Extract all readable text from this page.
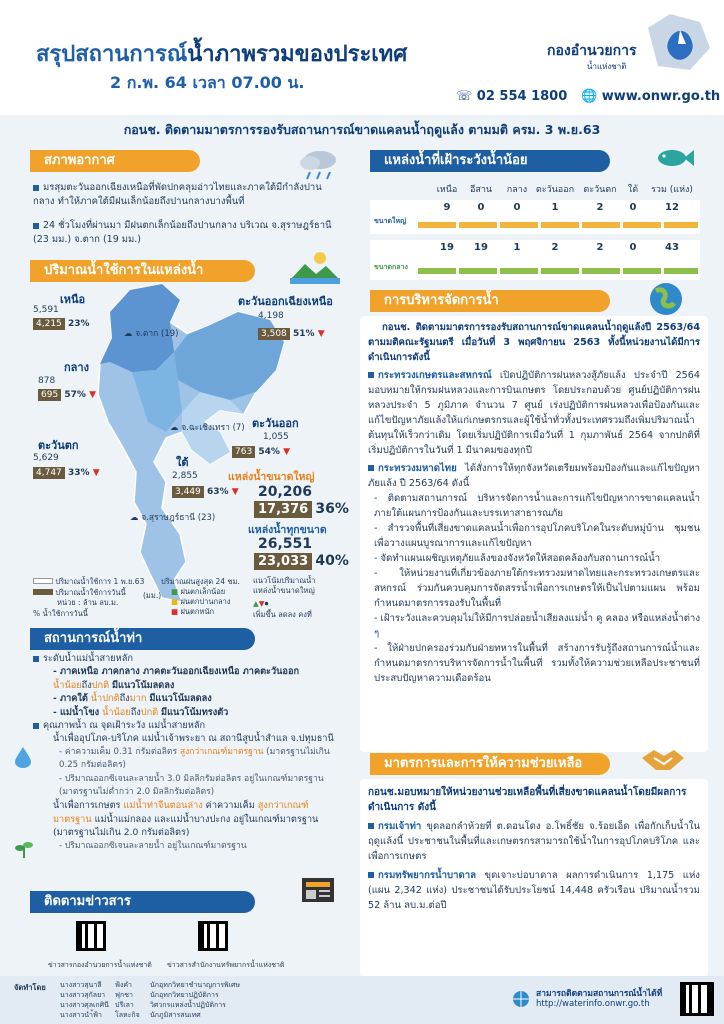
สรุปสถานการณ์น้ำภาพรวมของประเทศ
2 ก.พ. 64 เวลา 07.00 น.
กองอำนวยการ
น้ำแห่งชาติ
☏ 02 554 1800 🌐 www.onwr.go.th
กอนช. ติดตามมาตรการรองรับสถานการณ์ขาดแคลนน้ำฤดูแล้ง ตามมติ ครม. 3 พ.ย.63
สภาพอากาศ
มรสุมตะวันออกเฉียงเหนือที่พัดปกคลุมอ่าวไทยและภาคใต้มีกำลังปานกลาง ทำให้ภาคใต้มีฝนเล็กน้อยถึงปานกลางบางพื้นที่
24 ชั่วโมงที่ผ่านมา มีฝนตกเล็กน้อยถึงปานกลาง บริเวณ จ.สุราษฎร์ธานี (23 มม.) จ.ตาก (19 มม.)
ปริมาณน้ำใช้การในแหล่งน้ำ
เหนือ
5,591
4,215 23%
ตะวันออกเฉียงเหนือ
4,198
3,508 51% ▼
กลาง
878
695 57% ▼
ตะวันออก
1,055
763 54% ▼
ตะวันตก
5,629
4,747 33% ▼
ใต้
2,855
3,449 63% ▼
☁ จ.ตาก (19)
☁ จ.ฉะเชิงเทรา (7)
☁ จ.สุราษฎร์ธานี (23)
แหล่งน้ำขนาดใหญ่
20,206
17,376 36%
แหล่งน้ำทุกขนาด
26,551
23,033 40%
ปริมาณน้ำใช้การ 1 พ.ย.63
ปริมาณน้ำใช้การวันนี้
หน่วย : ล้าน ลบ.ม.
% น้ำใช้การวันนี้
ปริมาณฝนสูงสุด 24 ชม.
(มม.) ■ ฝนตกเล็กน้อย
■ ฝนตกปานกลาง
■ ฝนตกหนัก
แนวโน้มปริมาณน้ำ แหล่งน้ำขนาดใหญ่
▲▼⏺
เพิ่มขึ้น ลดลง คงที่
สถานการณ์น้ำท่า
ระดับน้ำแม่น้ำสายหลัก
- ภาคเหนือ ภาคกลาง ภาคตะวันออกเฉียงเหนือ ภาคตะวันออก
น้ำน้อยถึงปกติ มีแนวโน้มลดลง
- ภาคใต้ น้ำปกติถึงมาก มีแนวโน้มลดลง
- แม่น้ำโขง น้ำน้อยถึงปกติ มีแนวโน้มทรงตัว
คุณภาพน้ำ ณ จุดเฝ้าระวัง แม่น้ำสายหลัก
น้ำเพื่ออุปโภค-บริโภค แม่น้ำเจ้าพระยา ณ สถานีสูบน้ำสำแล จ.ปทุมธานี
- ค่าความเค็ม 0.31 กรัมต่อลิตร สูงกว่าเกณฑ์มาตรฐาน (มาตรฐานไม่เกิน 0.25 กรัมต่อลิตร)
- ปริมาณออกซิเจนละลายน้ำ 3.0 มิลลิกรัมต่อลิตร อยู่ในเกณฑ์มาตรฐาน (มาตรฐานไม่ต่ำกว่า 2.0 มิลลิกรัมต่อลิตร)
น้ำเพื่อการเกษตร แม่น้ำท่าจีนตอนล่าง ค่าความเค็ม สูงกว่าเกณฑ์มาตรฐาน แม่น้ำแม่กลอง และแม่น้ำบางปะกง อยู่ในเกณฑ์มาตรฐาน (มาตรฐานไม่เกิน 2.0 กรัมต่อลิตร)
- ปริมาณออกซิเจนละลายน้ำ อยู่ในเกณฑ์มาตรฐาน
ติดตามข่าวสาร
ข่าวสารกองอำนวยการน้ำแห่งชาติ ข่าวสารสำนักงานทรัพยากรน้ำแห่งชาติ
แหล่งน้ำที่เฝ้าระวังน้ำน้อย
เหนือ	อีสาน	กลาง ตะวันออก	ตะวันตก	ใต้	รวม (แห่ง)
ขนาดใหญ่
9	0	0	1	2	0	12
ขนาดกลาง
19	19	1	2	2	0	43
การบริหารจัดการน้ำ
กอนช. ติดตามมาตรการรองรับสถานการณ์ขาดแคลนน้ำฤดูแล้งปี 2563/64 ตามมติคณะรัฐมนตรี เมื่อวันที่ 3 พฤศจิกายน 2563 ทั้งนี้หน่วยงานได้มีการดำเนินการดังนี้
กระทรวงเกษตรและสหกรณ์ เปิดปฏิบัติการฝนหลวงสู้ภัยแล้ง ประจำปี 2564 มอบหมายให้กรมฝนหลวงและการบินเกษตร โดยประกอบด้วย ศูนย์ปฏิบัติการฝนหลวงประจำ 5 ภูมิภาค จำนวน 7 ศูนย์ เร่งปฏิบัติการฝนหลวงเพื่อป้องกันและแก้ไขปัญหาภัยแล้งให้แก่เกษตรกรและผู้ใช้น้ำทั่วทั้งประเทศรวมถึงเพิ่มปริมาณน้ำต้นทุนให้เร็วกว่าเดิม โดยเริ่มปฏิบัติการเมื่อวันที่ 1 กุมภาพันธ์ 2564 จากปกติที่เริ่มปฏิบัติการในวันที่ 1 มีนาคมของทุกปี
กระทรวงมหาดไทย ได้สั่งการให้ทุกจังหวัดเตรียมพร้อมป้องกันและแก้ไขปัญหาภัยแล้ง ปี 2563/64 ดังนี้
- ติดตามสถานการณ์ บริหารจัดการน้ำและการแก้ไขปัญหาการขาดแคลนน้ำภายใต้แผนการป้องกันและบรรเทาสาธารณภัย
- สำรวจพื้นที่เสี่ยงขาดแคลนน้ำเพื่อการอุปโภคบริโภคในระดับหมู่บ้าน ชุมชน เพื่อวางแผนบูรณาการและแก้ไขปัญหา
- จัดทำแผนเผชิญเหตุภัยแล้งของจังหวัดให้สอดคล้องกับสถานการณ์น้ำ
- ให้หน่วยงานที่เกี่ยวข้องภายใต้กระทรวงมหาดไทยและกระทรวงเกษตรและสหกรณ์ ร่วมกันควบคุมการจัดสรรน้ำเพื่อการเกษตรให้เป็นไปตามแผน พร้อมกำหนดมาตรการรองรับในพื้นที่
- เฝ้าระวังและควบคุมไม่ให้มีการปล่อยน้ำเสียลงแม่น้ำ คู คลอง หรือแหล่งน้ำต่าง ๆ
- ให้ฝ่ายปกครองร่วมกับฝ่ายทหารในพื้นที่ สร้างการรับรู้ถึงสถานการณ์น้ำและกำหนดมาตรการบริหารจัดการน้ำในพื้นที่ รวมทั้งให้ความช่วยเหลือประชาชนที่ประสบปัญหาความเดือดร้อน
มาตรการและการให้ความช่วยเหลือ
กอนช.มอบหมายให้หน่วยงานช่วยเหลือพื้นที่เสี่ยงขาดแคลนน้ำโดยมีผลการดำเนินการ ดังนี้
กรมเจ้าท่า ขุดลอกลำห้วยที่ ต.ดอนโดง อ.โพธิ์ชัย จ.ร้อยเอ็ด เพื่อกักเก็บน้ำในฤดูแล้งนี้ ประชาชนในพื้นที่และเกษตรกรสามารถใช้น้ำในการอุปโภคบริโภค และเพื่อการเกษตร
กรมทรัพยากรน้ำบาดาล ขุดเจาะบ่อบาดาล ผลการดำเนินการ 1,175 แห่ง (แผน 2,342 แห่ง) ประชาชนได้รับประโยชน์ 14,448 ครัวเรือน ปริมาณน้ำรวม 52 ล้าน ลบ.ม.ต่อปี
จัดทำโดย นางสาวสุนาลี
นางสาวสุกัลยา
นางสาวศุลเกศินี
นางสาวนำ้ฟ้า
ฟ้งคำ
ฟุกชา
ปรีเลา
โลหะกิจ
นักอุทกวิทยาชำนาญการพิเศษ
นักอุทกวิทยาปฏิบัติการ
วิศวกรแหล่งน้ำปฏิบัติการ
นักภูมิสารสนเทศ
สามารถติดตามสถานการณ์น้ำได้ที่
http://waterinfo.onwr.go.th
